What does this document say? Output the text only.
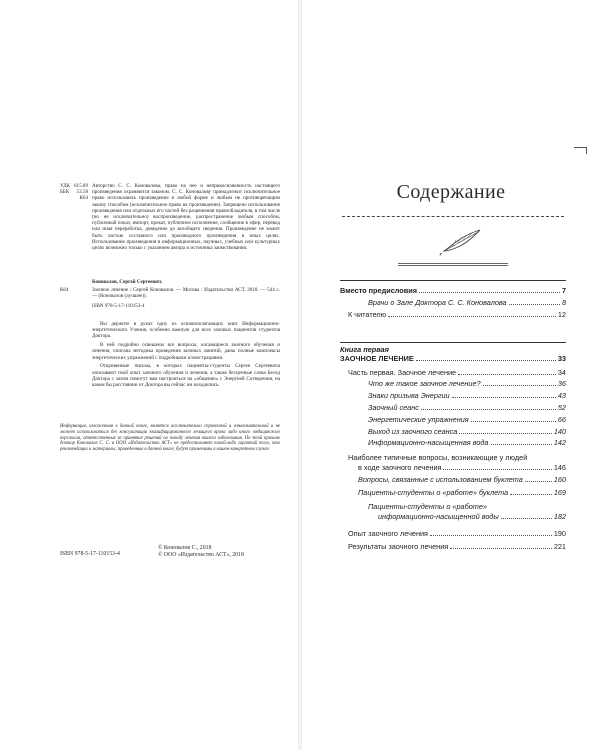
УДК 615.89
ББК 53.58
К64
Авторство С. С. Коновалова, право на нее и неприкосновенность настоящего произведения охраняются законом. С. С. Коновалову принадлежит исключительное право использовать произведение в любой форме и любым не противоречащим закону способом (исключительное право на произведение). Запрещено использование произведения или отдельных его частей без разрешения правообладателя, в том числе (но не исключительно) воспроизведение, распространение любым способом, публичный показ, импорт, прокат, публичное исполнение, сообщение в эфир, перевод или иная переработка, доведение до всеобщего сведения. Произведение не может быть частью составного или производного произведения в иных целях. Использование произведения в информационных, научных, учебных или культурных целях возможно только с указанием автора и источника заимствования.
Коновалов, Сергей Сергеевич.
К64	Заочное лечение / Сергей Коновалов. — Москва : Издательство АСТ, 2018. — 544 с. — (Коновалов (лучшее)).
ISBN 978-5-17-110153-4

Вы держите в руках одну из основополагающих книг Информационно-энергетического Учения, особенно важную для всех заочных пациентов студентов Доктора.

В ней подробно освещены все вопросы, касающиеся заочного обучения и лечения, описана методика проведения заочных занятий, даны полные комплексы энергетических упражнений с подробными иллюстрациями.

Откровенные письма, в которых пациенты-студенты Сергея Сергеевича описывают свой опыт заочного обучения и лечения, а также бесценные слова Бесед Доктора с залом помогут вам настроиться на «общение» с Энергией Сотворения, на каком бы расстоянии от Доктора вы сейчас ни находились.

Информация, изложенная в данной книге, является исключительно справочной и ознакомительной и не может использоваться без консультации квалифицированного лечащего врача либо иного медицинского персонала, ответственных за принятие решений по поводу лечения вашего заболевания. По этой причине доктор Коновалов С. С. и ООО «Издательство АСТ» не предоставляют какой-либо гарантий того, что рекомендации и материалы, приведенные в данной книге, будут применимы в вашем конкретном случае.
ISBN 978-5-17-110153-4
© Коновалов С., 2018
© ООО «Издательство АСТ», 2018
Содержание
Вместо предисловия	7
Врачи о Зале Доктора С. С. Коновалова	8
К читателю	12
Книга первая
ЗАОЧНОЕ ЛЕЧЕНИЕ	33
Часть первая. Заочное лечение	34
Что же такое заочное лечение?	36
Знаки призыва Энергии	43
Заочный сеанс	52
Энергетические упражнения	66
Выход из заочного сеанса	140
Информационно-насыщенная вода	142
Наиболее типичные вопросы, возникающие у людей
в ходе заочного лечения	146
Вопросы, связанные с использованием буклета	160
Пациенты-студенты о «работе» буклета	169
Пациенты-студенты о «работе»
информационно-насыщенной воды	182
Опыт заочного лечения	190
Результаты заочного лечения	221
